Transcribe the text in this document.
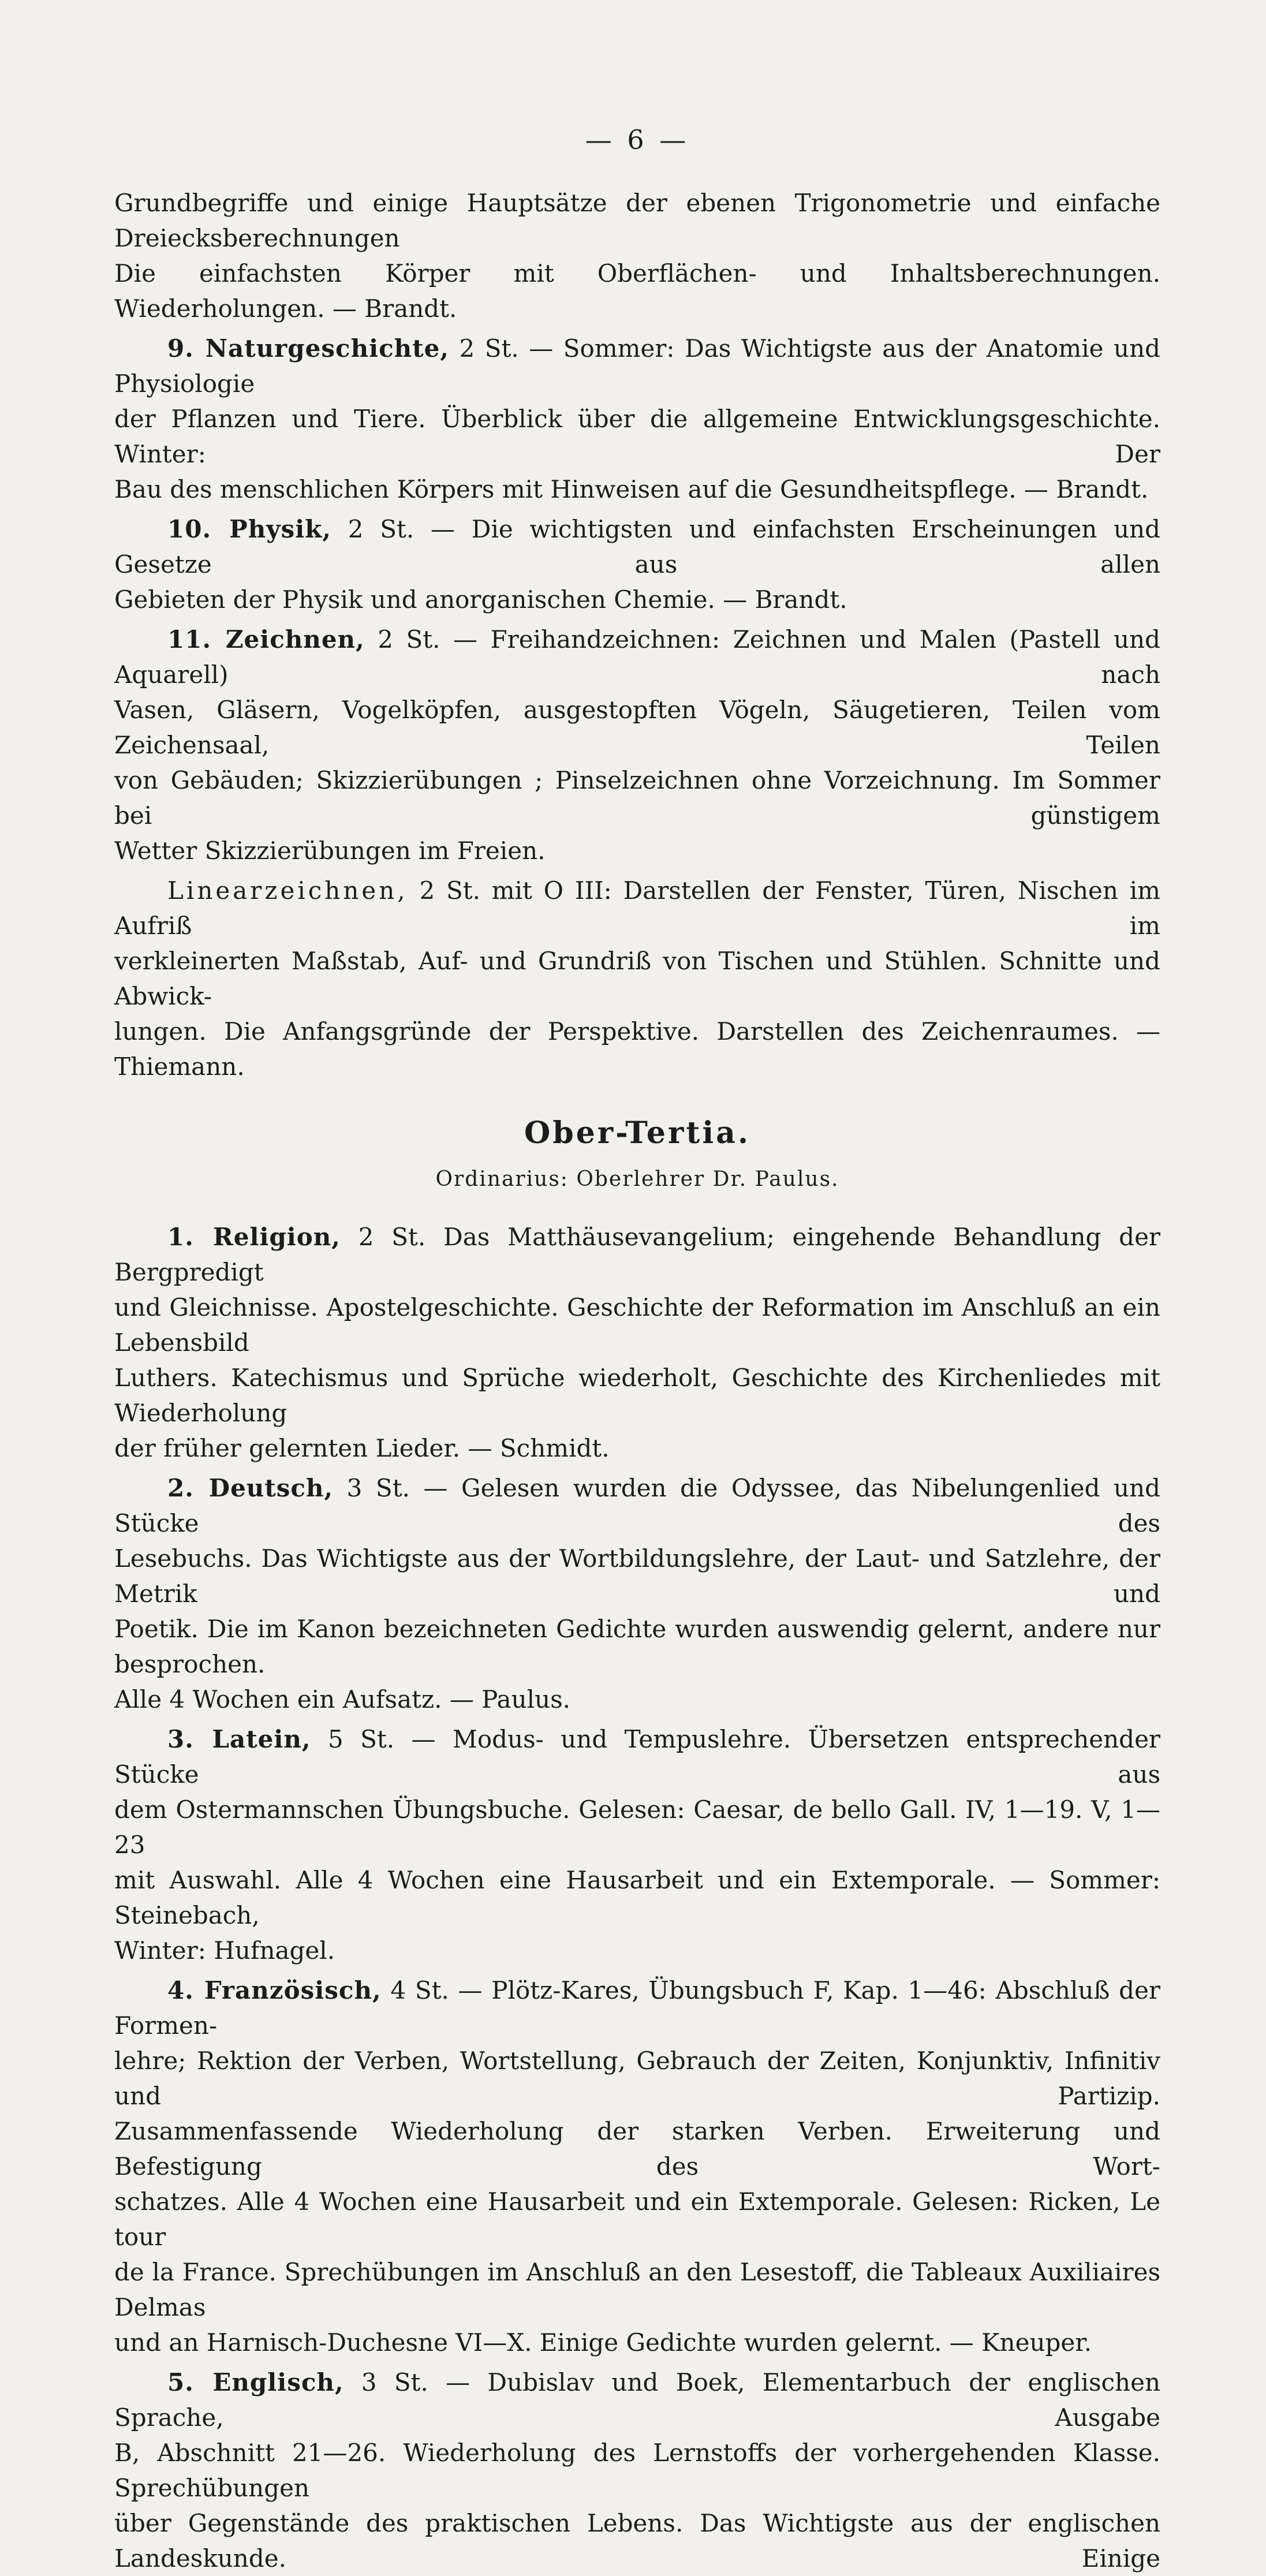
— 6 —

Grundbegriffe und einige Hauptsätze der ebenen Trigonometrie und einfache Dreiecksberechnungen

Die einfachsten Körper mit Oberflächen- und Inhaltsberechnungen. Wiederholungen. — Brandt.

9. Naturgeschichte, 2 St. — Sommer: Das Wichtigste aus der Anatomie und Physiologie

der Pflanzen und Tiere. Überblick über die allgemeine Entwicklungsgeschichte. Winter: Der

Bau des menschlichen Körpers mit Hinweisen auf die Gesundheitspflege. — Brandt.

10. Physik, 2 St. — Die wichtigsten und einfachsten Erscheinungen und Gesetze aus allen

Gebieten der Physik und anorganischen Chemie. — Brandt.

11. Zeichnen, 2 St. — Freihandzeichnen: Zeichnen und Malen (Pastell und Aquarell) nach

Vasen, Gläsern, Vogelköpfen, ausgestopften Vögeln, Säugetieren, Teilen vom Zeichensaal, Teilen

von Gebäuden; Skizzierübungen ; Pinselzeichnen ohne Vorzeichnung. Im Sommer bei günstigem

Wetter Skizzierübungen im Freien.

Linearzeichnen, 2 St. mit O III: Darstellen der Fenster, Türen, Nischen im Aufriß im

verkleinerten Maßstab, Auf- und Grundriß von Tischen und Stühlen. Schnitte und Abwick-

lungen. Die Anfangsgründe der Perspektive. Darstellen des Zeichenraumes. — Thiemann.

Ober-Tertia.
Ordinarius: Oberlehrer Dr. Paulus.

1. Religion, 2 St. Das Matthäusevangelium; eingehende Behandlung der Bergpredigt

und Gleichnisse. Apostelgeschichte. Geschichte der Reformation im Anschluß an ein Lebensbild

Luthers. Katechismus und Sprüche wiederholt, Geschichte des Kirchenliedes mit Wiederholung

der früher gelernten Lieder. — Schmidt.

2. Deutsch, 3 St. — Gelesen wurden die Odyssee, das Nibelungenlied und Stücke des

Lesebuchs. Das Wichtigste aus der Wortbildungslehre, der Laut- und Satzlehre, der Metrik und

Poetik. Die im Kanon bezeichneten Gedichte wurden auswendig gelernt, andere nur besprochen.

Alle 4 Wochen ein Aufsatz. — Paulus.

3. Latein, 5 St. — Modus- und Tempuslehre. Übersetzen entsprechender Stücke aus

dem Ostermannschen Übungsbuche. Gelesen: Caesar, de bello Gall. IV, 1—19. V, 1—23

mit Auswahl. Alle 4 Wochen eine Hausarbeit und ein Extemporale. — Sommer: Steinebach,

Winter: Hufnagel.

4. Französisch, 4 St. — Plötz-Kares, Übungsbuch F, Kap. 1—46: Abschluß der Formen-

lehre; Rektion der Verben, Wortstellung, Gebrauch der Zeiten, Konjunktiv, Infinitiv und Partizip.

Zusammenfassende Wiederholung der starken Verben. Erweiterung und Befestigung des Wort-

schatzes. Alle 4 Wochen eine Hausarbeit und ein Extemporale. Gelesen: Ricken, Le tour

de la France. Sprechübungen im Anschluß an den Lesestoff, die Tableaux Auxiliaires Delmas

und an Harnisch-Duchesne VI—X. Einige Gedichte wurden gelernt. — Kneuper.

5. Englisch, 3 St. — Dubislav und Boek, Elementarbuch der englischen Sprache, Ausgabe

B, Abschnitt 21—26. Wiederholung des Lernstoffs der vorhergehenden Klasse. Sprechübungen

über Gegenstände des praktischen Lebens. Das Wichtigste aus der englischen Landeskunde. Einige
